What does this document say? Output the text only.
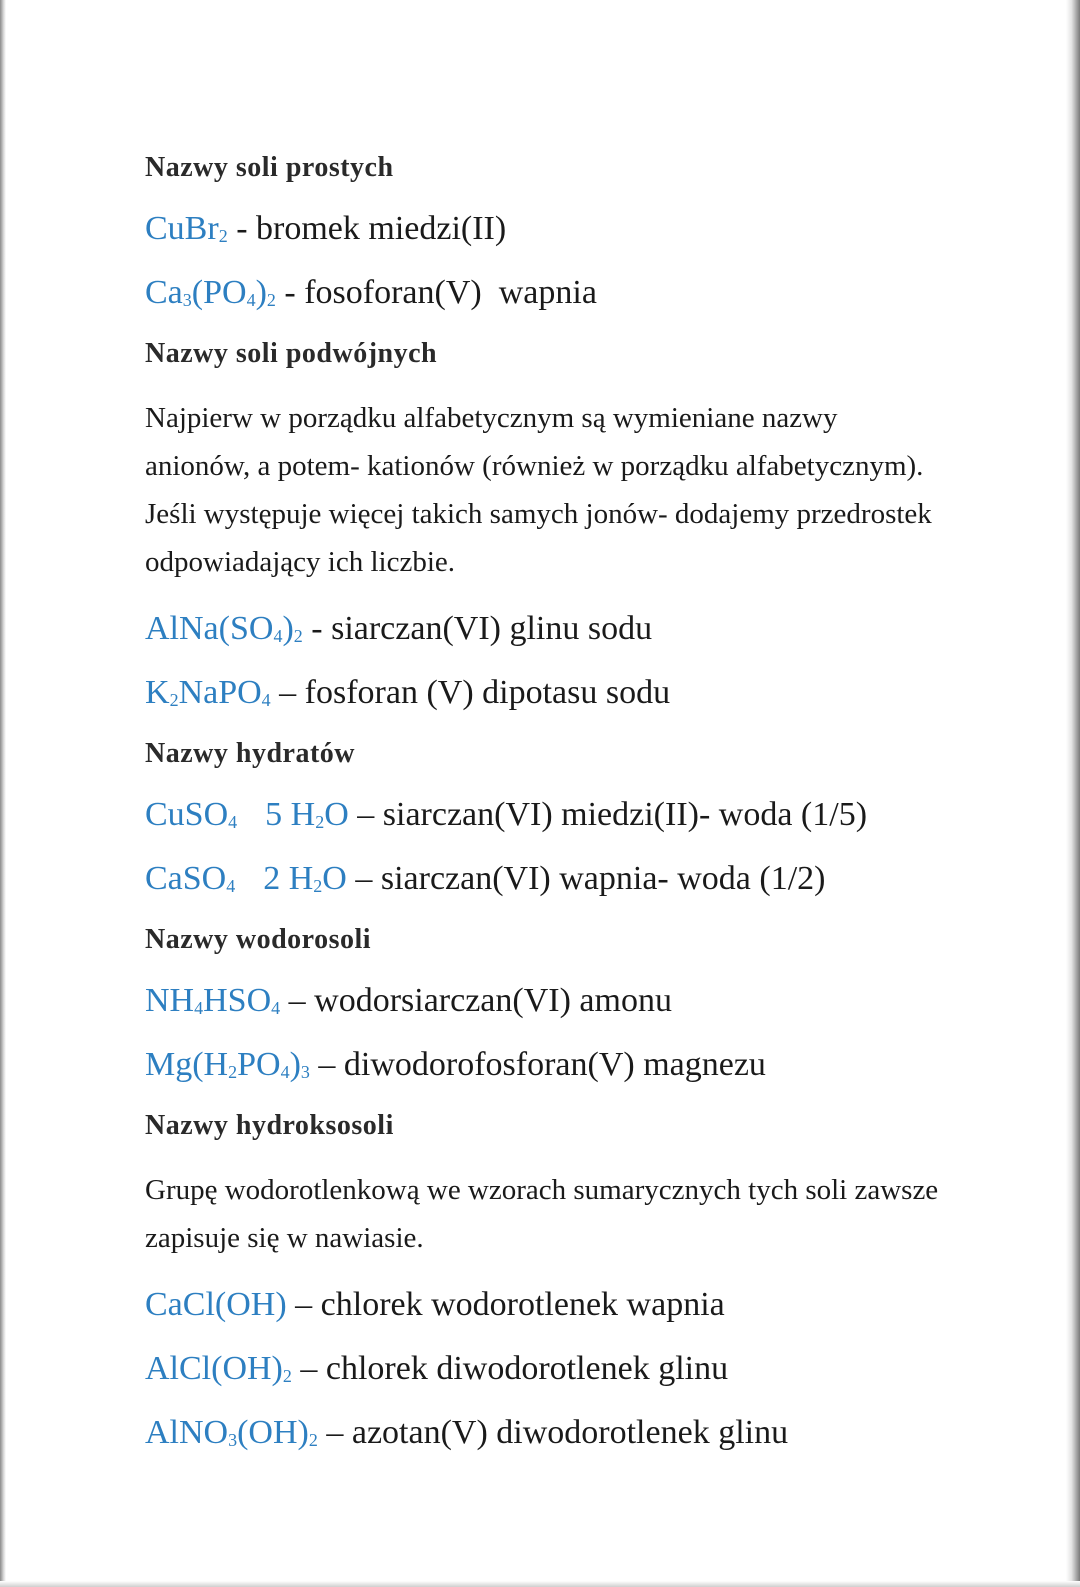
Nazwy soli prostych
CuBr$_2$ - bromek miedzi(II)
$Ca_3(PO_4)_2$ - fosoforan(V)  wapnia
Nazwy soli podwójnych
Najpierw w porządku alfabetycznym są wymieniane nazwy anionów, a potem- kationów (również w porządku alfabetycznym). Jeśli występuje więcej takich samych jonów- dodajemy przedrostek odpowiadający ich liczbie.
$AlNa(SO_4)_2$ - siarczan(VI) glinu sodu
$K_2NaPO_4$ – fosforan (V) dipotasu sodu
Nazwy hydratów
CuSO$_4$ 5 $H_2O$ – siarczan(VI) miedzi(II)- woda (1/5)
CaSO$_4$ 2 $H_2O$ – siarczan(VI) wapnia- woda (1/2)
Nazwy wodorosoli
$NH_4HSO_4$ – wodorsiarczan(VI) amonu
$Mg(H_2PO_4)_3$ – diwodorofosforan(V) magnezu
Nazwy hydroksosoli
Grupę wodorotlenkową we wzorach sumarycznych tych soli zawsze zapisuje się w nawiasie.
CaCl(OH) – chlorek wodorotlenek wapnia
$AlCl(OH)_2$ – chlorek diwodorotlenek glinu
$AlNO_3(OH)_2 - azotan(V)$ diwodorotlenek glinu
